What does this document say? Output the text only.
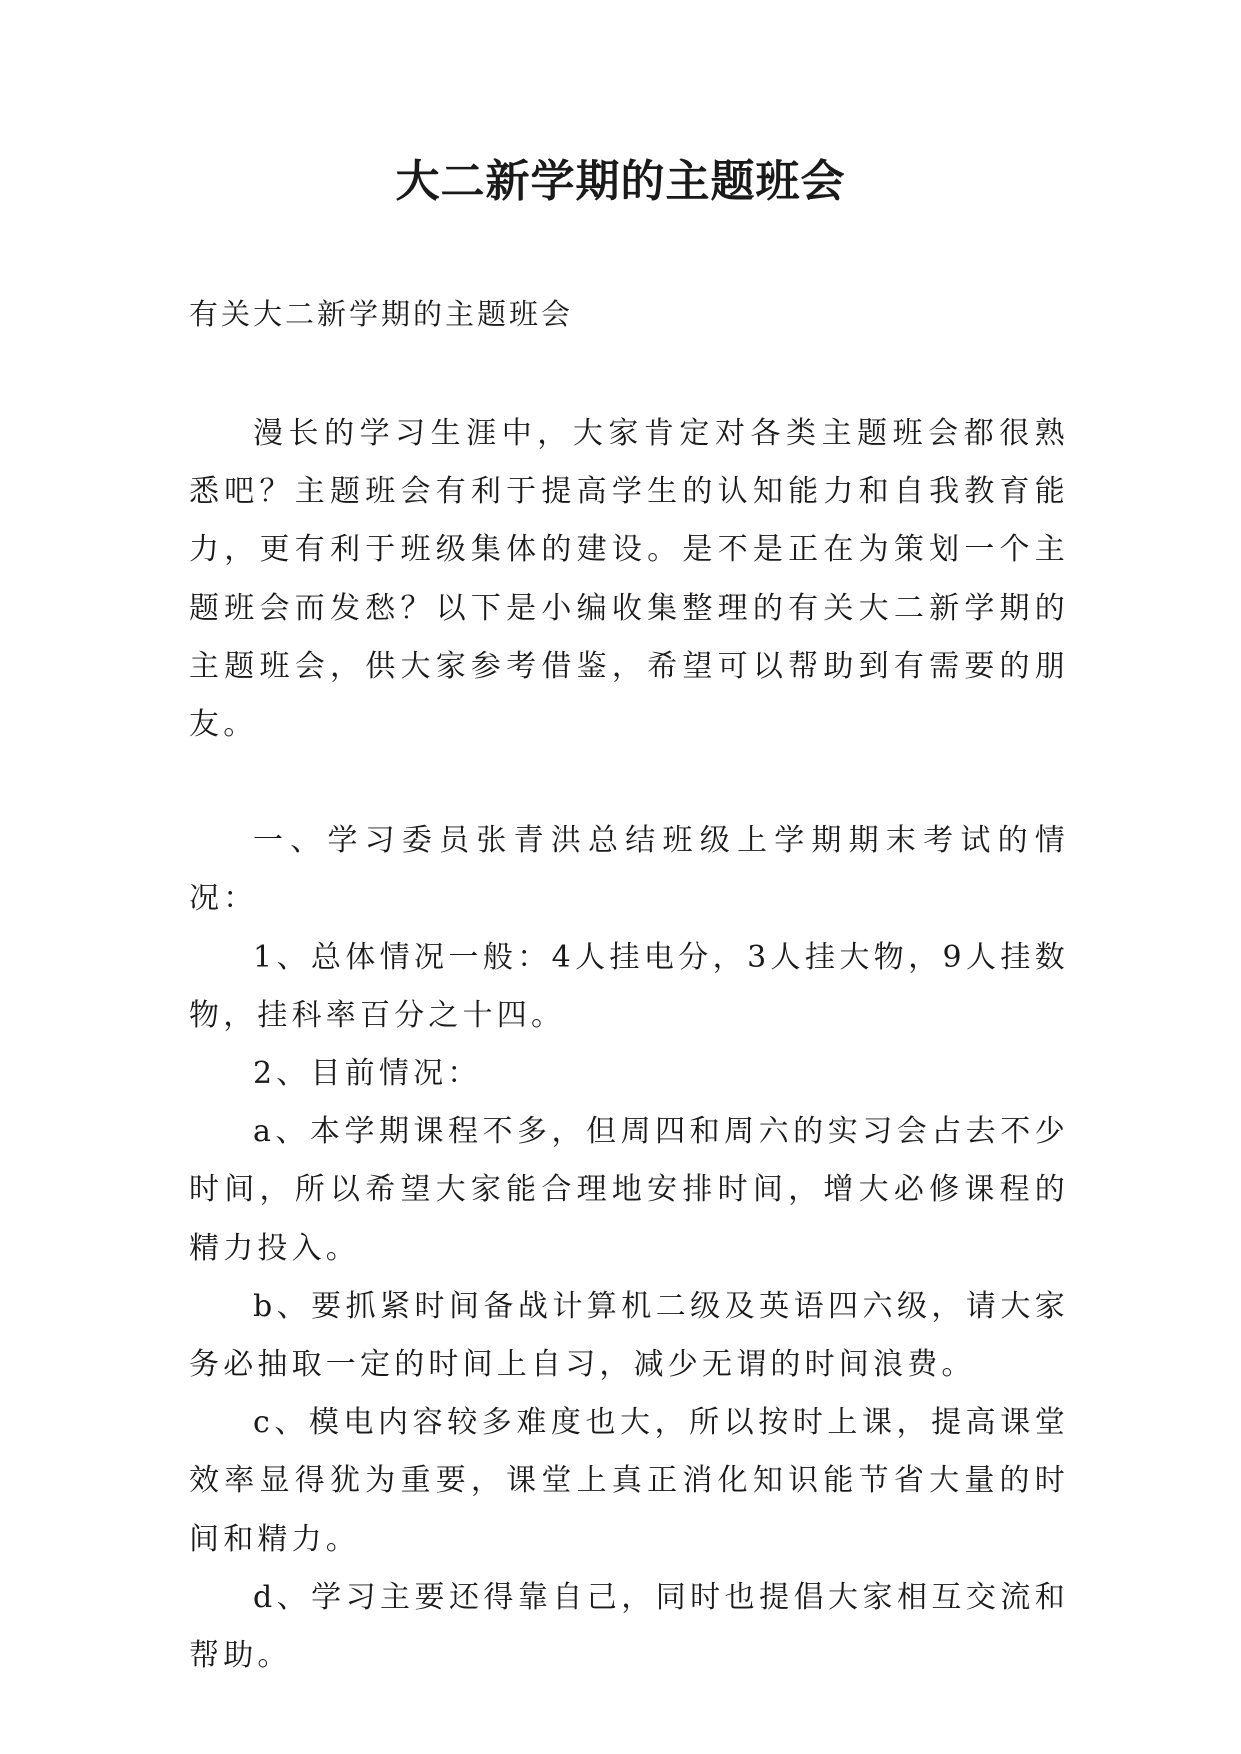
大二新学期的主题班会

有关大二新学期的主题班会

漫长的学习生涯中，大家肯定对各类主题班会都很熟悉吧？主题班会有利于提高学生的认知能力和自我教育能力，更有利于班级集体的建设。是不是正在为策划一个主题班会而发愁？以下是小编收集整理的有关大二新学期的主题班会，供大家参考借鉴，希望可以帮助到有需要的朋友。

一、学习委员张青洪总结班级上学期期末考试的情况：

1、总体情况一般：4人挂电分，3人挂大物，9人挂数物，挂科率百分之十四。

2、目前情况：

a、本学期课程不多，但周四和周六的实习会占去不少时间，所以希望大家能合理地安排时间，增大必修课程的精力投入。

b、要抓紧时间备战计算机二级及英语四六级，请大家务必抽取一定的时间上自习，减少无谓的时间浪费。

c、模电内容较多难度也大，所以按时上课，提高课堂效率显得犹为重要，课堂上真正消化知识能节省大量的时间和精力。

d、学习主要还得靠自己，同时也提倡大家相互交流和帮助。
